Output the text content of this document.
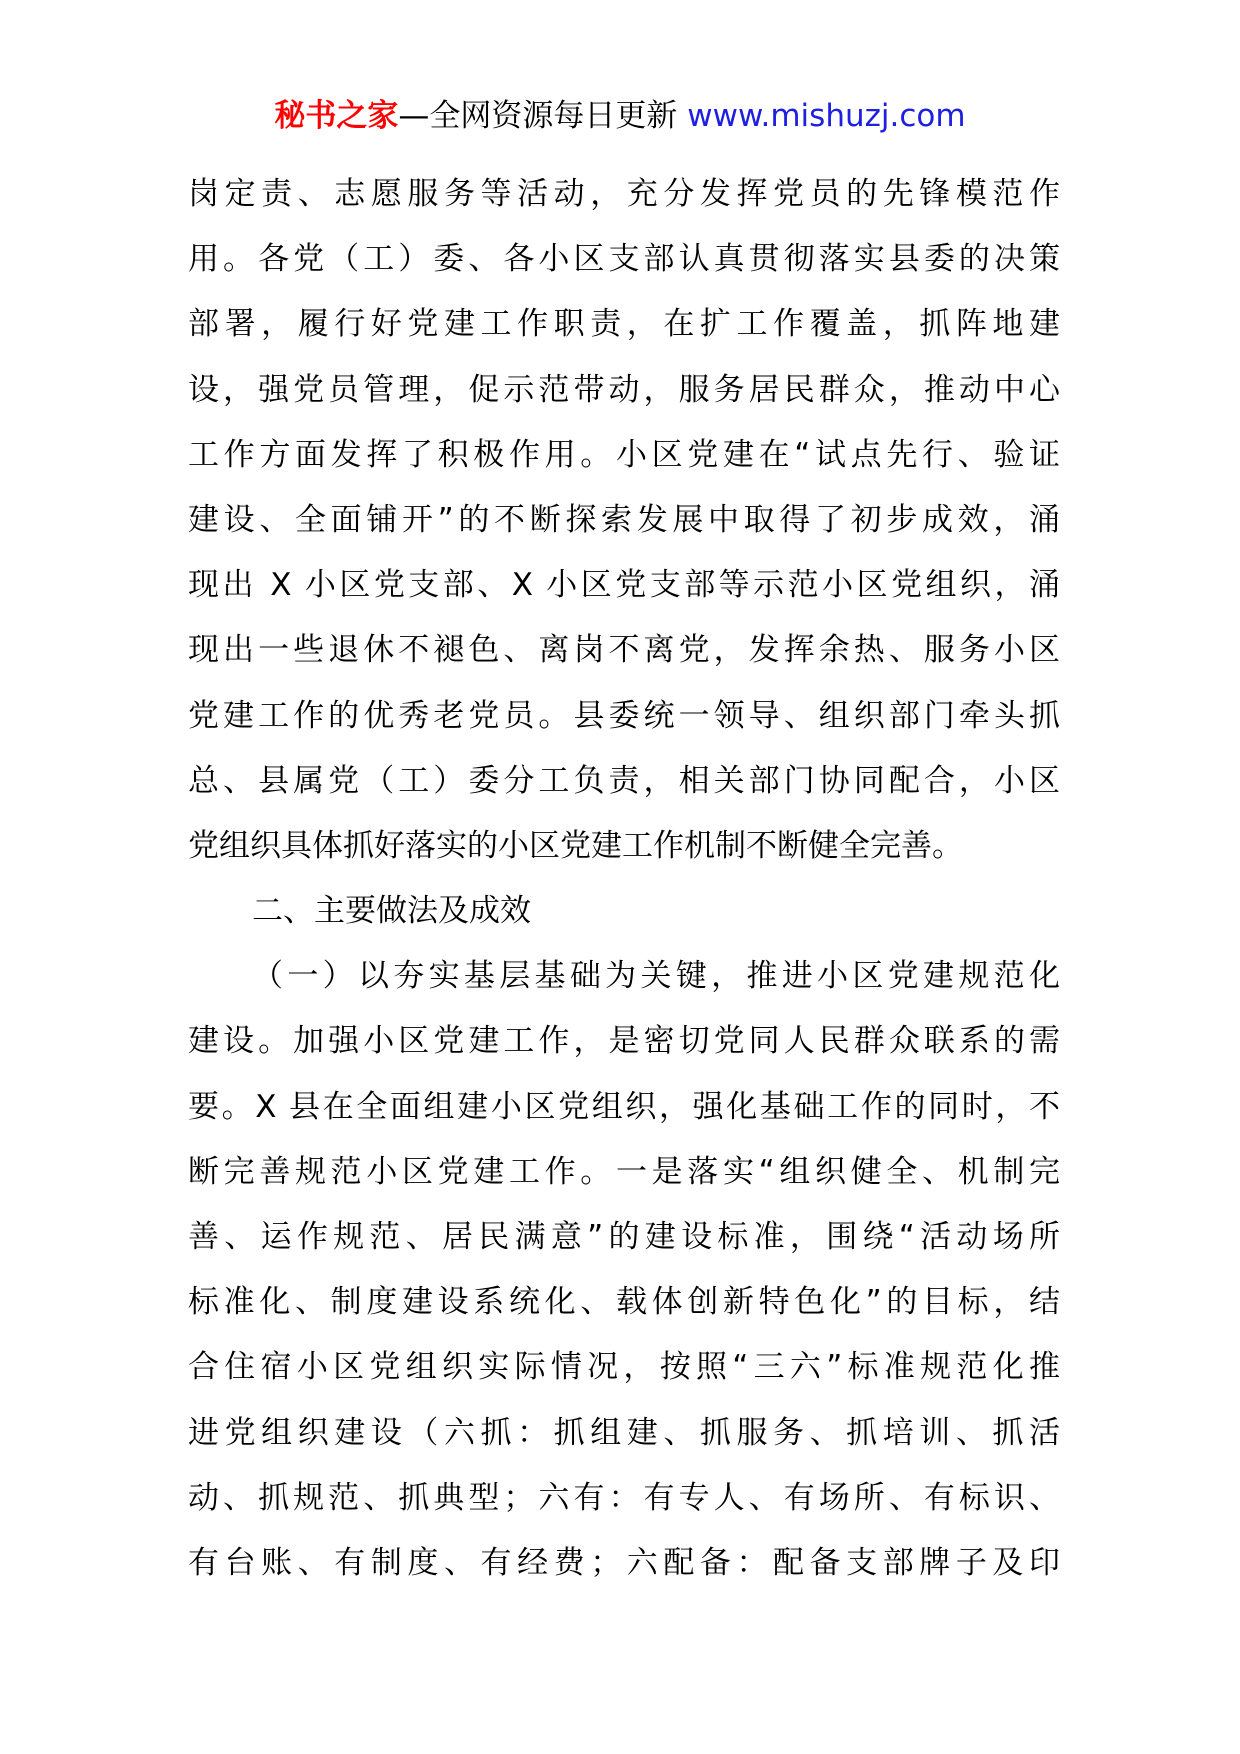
秘书之家—全网资源每日更新 www.mishuzj.com
岗定责、志愿服务等活动，充分发挥党员的先锋模范作
用。各党（工）委、各小区支部认真贯彻落实县委的决策
部署，履行好党建工作职责，在扩工作覆盖，抓阵地建
设，强党员管理，促示范带动，服务居民群众，推动中心
工作方面发挥了积极作用。小区党建在“试点先行、验证
建设、全面铺开”的不断探索发展中取得了初步成效，涌
现出 X 小区党支部、X 小区党支部等示范小区党组织，涌
现出一些退休不褪色、离岗不离党，发挥余热、服务小区
党建工作的优秀老党员。县委统一领导、组织部门牵头抓
总、县属党（工）委分工负责，相关部门协同配合，小区
党组织具体抓好落实的小区党建工作机制不断健全完善。
二、主要做法及成效
（一）以夯实基层基础为关键，推进小区党建规范化
建设。加强小区党建工作，是密切党同人民群众联系的需
要。X 县在全面组建小区党组织，强化基础工作的同时，不
断完善规范小区党建工作。一是落实“组织健全、机制完
善、运作规范、居民满意”的建设标准，围绕“活动场所
标准化、制度建设系统化、载体创新特色化”的目标，结
合住宿小区党组织实际情况，按照“三六”标准规范化推
进党组织建设（六抓：抓组建、抓服务、抓培训、抓活
动、抓规范、抓典型；六有：有专人、有场所、有标识、
有台账、有制度、有经费；六配备：配备支部牌子及印
